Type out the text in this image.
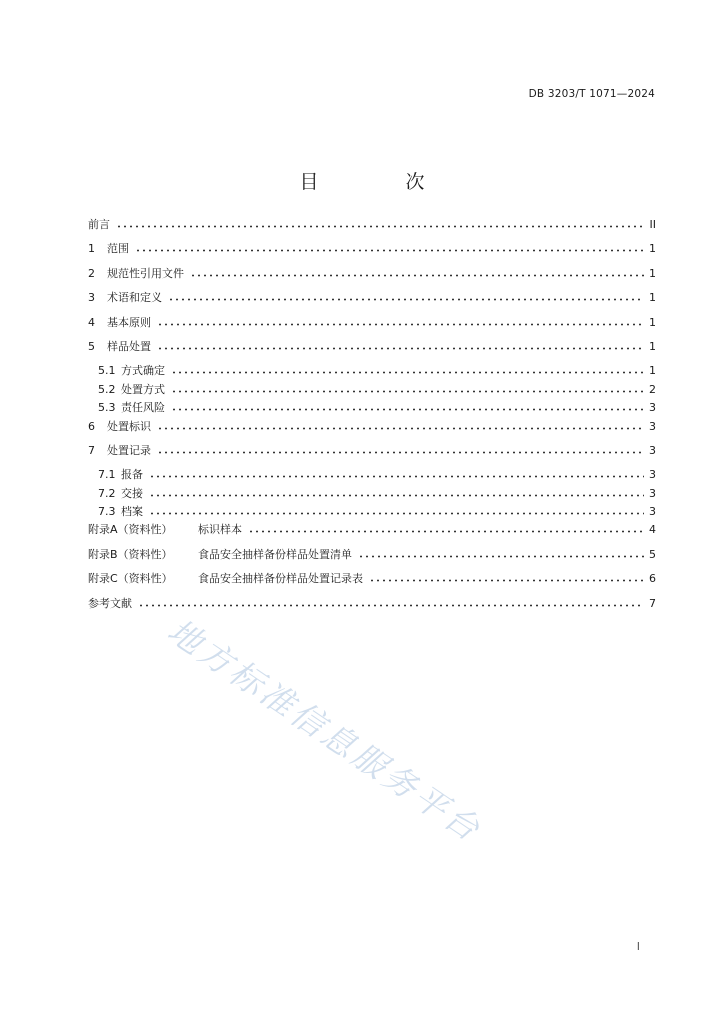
DB 3203/T 1071—2024
目　次
前言	II
1	范围	1
2	规范性引用文件	1
3	术语和定义	1
4	基本原则	1
5	样品处置	1
5.1 方式确定	1
5.2 处置方式	2
5.3 责任风险	3
6	处置标识	3
7	处置记录	3
7.1 报备	3
7.2 交接	3
7.3 档案	3
附录A（资料性）	标识样本	4
附录B（资料性）	食品安全抽样备份样品处置清单	5
附录C（资料性）	食品安全抽样备份样品处置记录表	6
参考文献	7
地方标准信息服务平台
I
